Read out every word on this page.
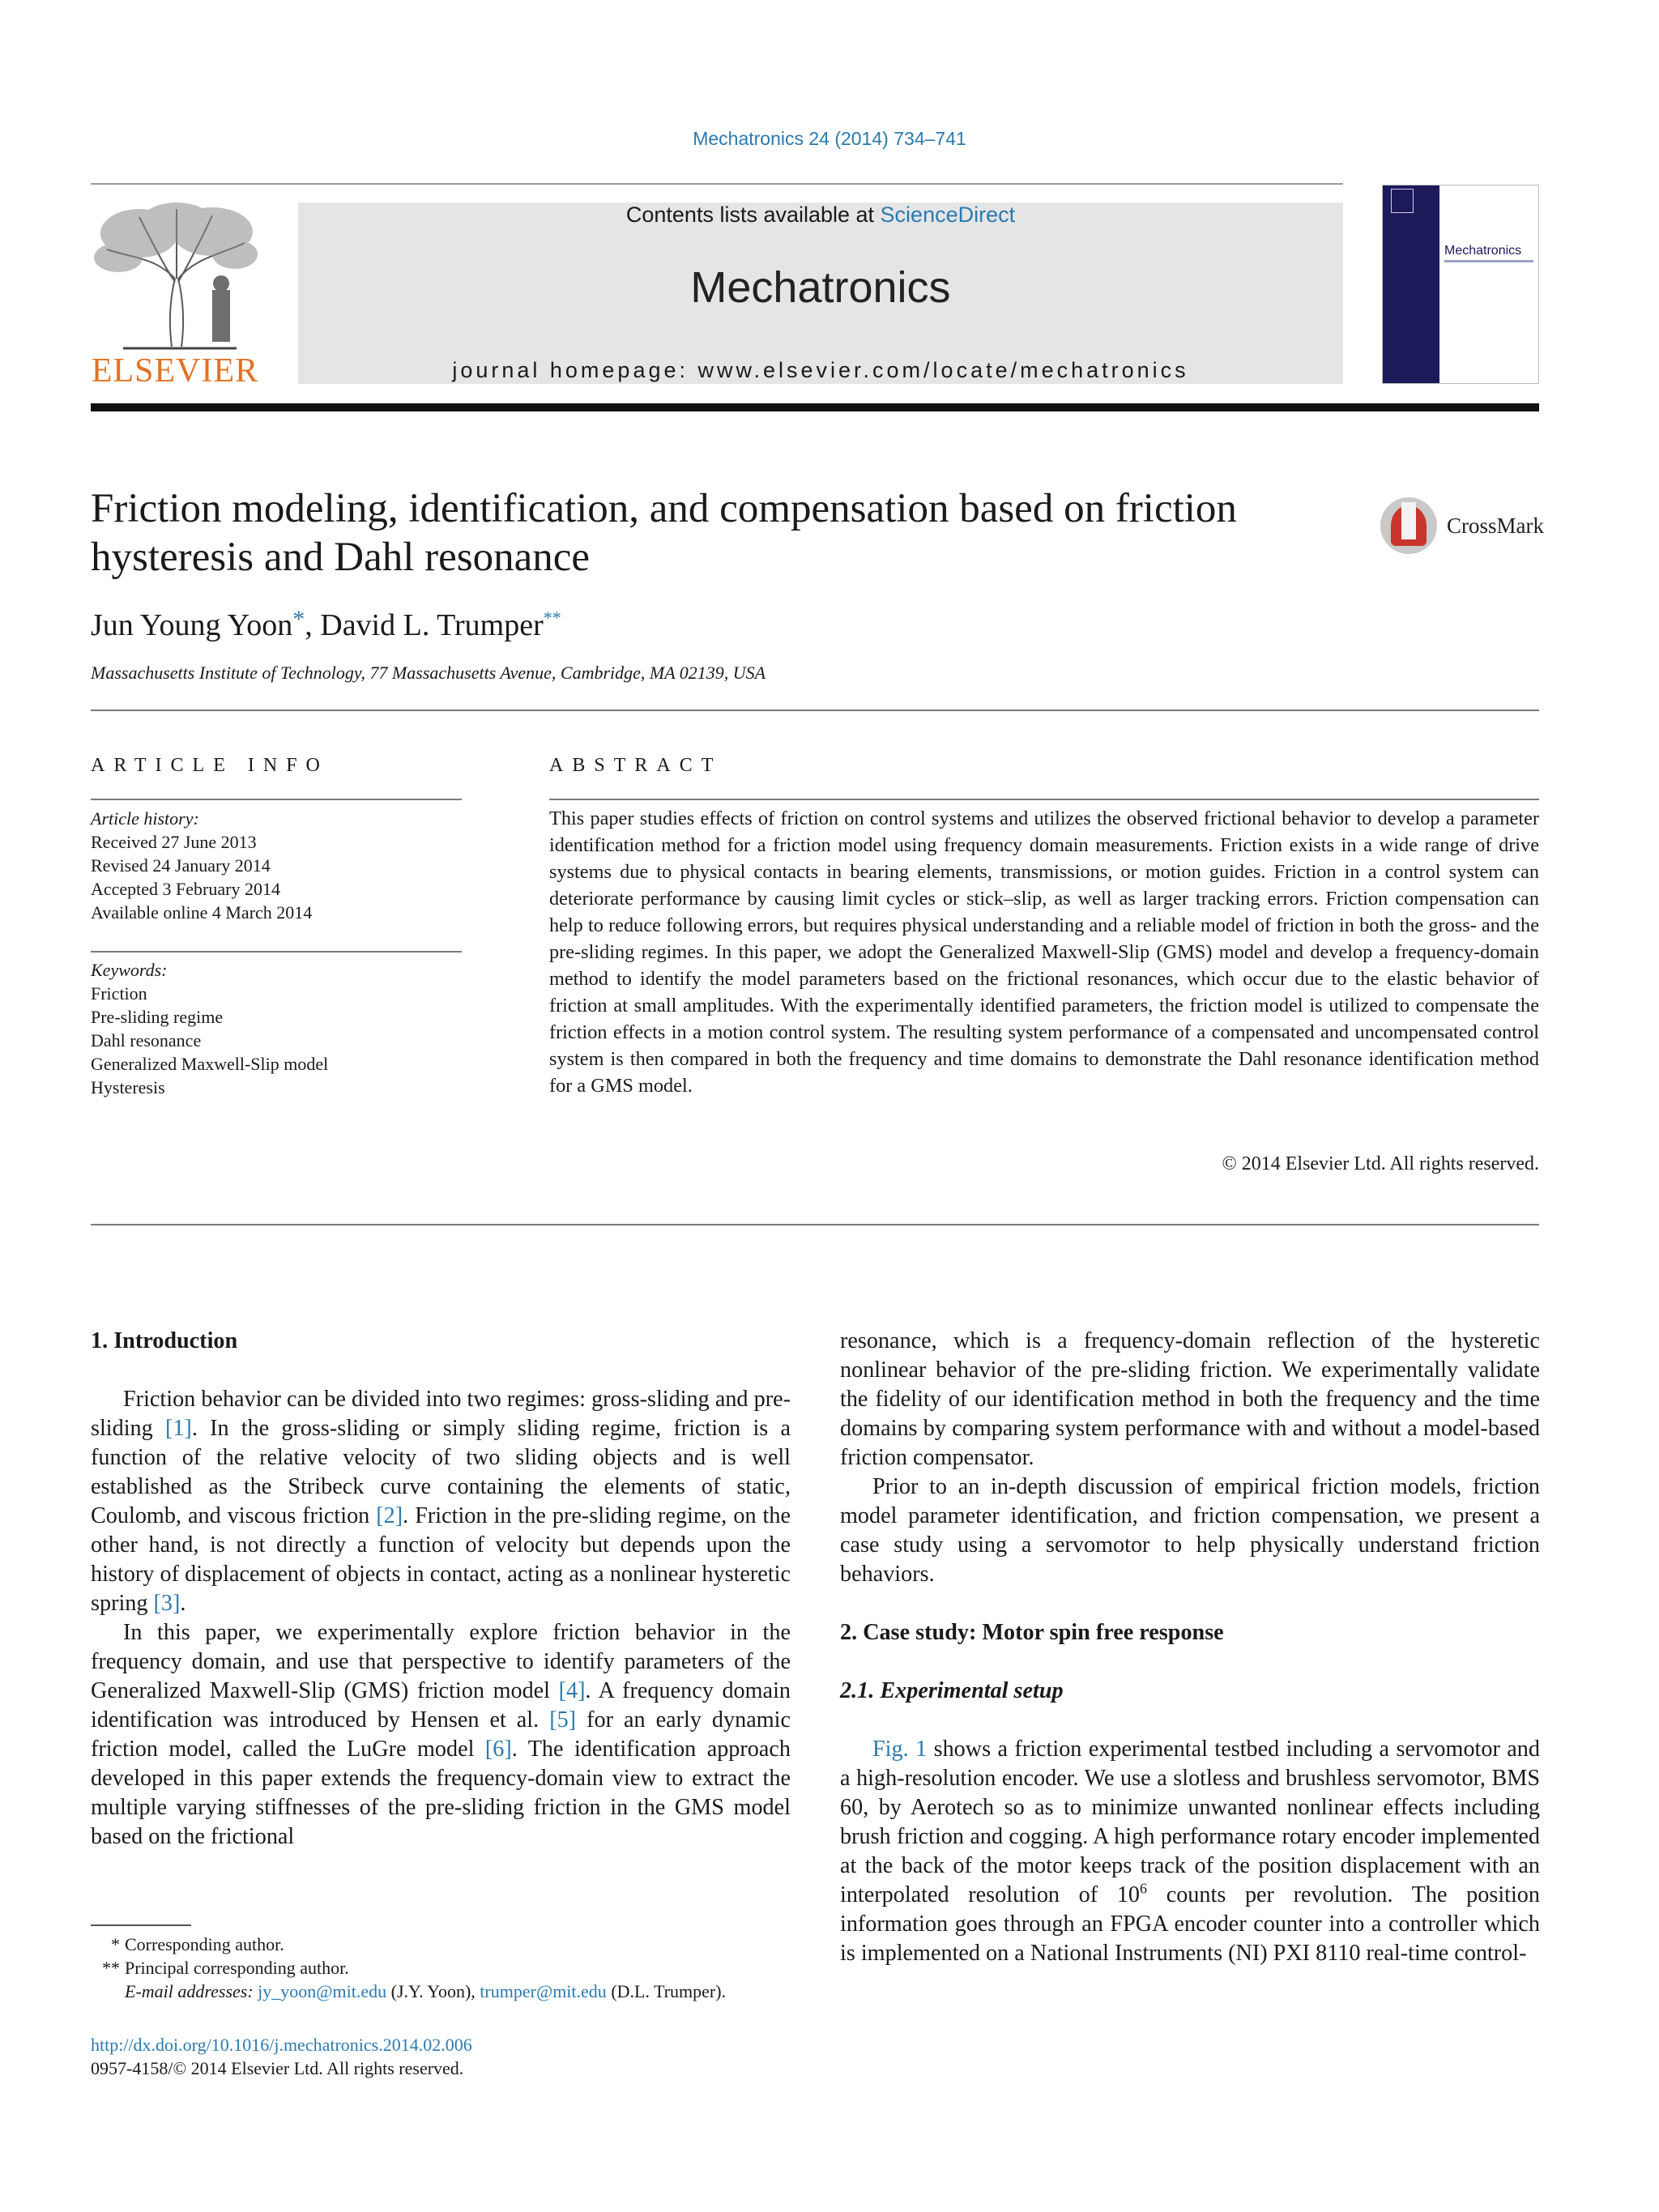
Mechatronics 24 (2014) 734–741
ELSEVIER
Contents lists available at ScienceDirect
Mechatronics
journal homepage: www.elsevier.com/locate/mechatronics
Mechatronics
Friction modeling, identification, and compensation based on friction
hysteresis and Dahl resonance
CrossMark
Jun Young Yoon*, David L. Trumper**
Massachusetts Institute of Technology, 77 Massachusetts Avenue, Cambridge, MA 02139, USA
ARTICLE INFO
Article history:
Received 27 June 2013
Revised 24 January 2014
Accepted 3 February 2014
Available online 4 March 2014
Keywords:
Friction
Pre-sliding regime
Dahl resonance
Generalized Maxwell-Slip model
Hysteresis
ABSTRACT
This paper studies effects of friction on control systems and utilizes the observed frictional behavior to develop a parameter identification method for a friction model using frequency domain measurements. Friction exists in a wide range of drive systems due to physical contacts in bearing elements, transmissions, or motion guides. Friction in a control system can deteriorate performance by causing limit cycles or stick–slip, as well as larger tracking errors. Friction compensation can help to reduce following errors, but requires physical understanding and a reliable model of friction in both the gross- and the pre-sliding regimes. In this paper, we adopt the Generalized Maxwell-Slip (GMS) model and develop a frequency-domain method to identify the model parameters based on the frictional resonances, which occur due to the elastic behavior of friction at small amplitudes. With the experimentally identified parameters, the friction model is utilized to compensate the friction effects in a motion control system. The resulting system performance of a compensated and uncompensated control system is then compared in both the frequency and time domains to demonstrate the Dahl resonance identification method for a GMS model.
© 2014 Elsevier Ltd. All rights reserved.
1. Introduction

Friction behavior can be divided into two regimes: gross-sliding and pre-sliding [1]. In the gross-sliding or simply sliding regime, friction is a function of the relative velocity of two sliding objects and is well established as the Stribeck curve containing the elements of static, Coulomb, and viscous friction [2]. Friction in the pre-sliding regime, on the other hand, is not directly a function of velocity but depends upon the history of displacement of objects in contact, acting as a nonlinear hysteretic spring [3].

In this paper, we experimentally explore friction behavior in the frequency domain, and use that perspective to identify parameters of the Generalized Maxwell-Slip (GMS) friction model [4]. A frequency domain identification was introduced by Hensen et al. [5] for an early dynamic friction model, called the LuGre model [6]. The identification approach developed in this paper extends the frequency-domain view to extract the multiple varying stiffnesses of the pre-sliding friction in the GMS model based on the frictional

resonance, which is a frequency-domain reflection of the hysteretic nonlinear behavior of the pre-sliding friction. We experimentally validate the fidelity of our identification method in both the frequency and the time domains by comparing system performance with and without a model-based friction compensator.

Prior to an in-depth discussion of empirical friction models, friction model parameter identification, and friction compensation, we present a case study using a servomotor to help physically understand friction behaviors.

2. Case study: Motor spin free response
2.1. Experimental setup

Fig. 1 shows a friction experimental testbed including a servomotor and a high-resolution encoder. We use a slotless and brushless servomotor, BMS 60, by Aerotech so as to minimize unwanted nonlinear effects including brush friction and cogging. A high performance rotary encoder implemented at the back of the motor keeps track of the position displacement with an interpolated resolution of $10^6$ counts per revolution. The position information goes through an FPGA encoder counter into a controller which is implemented on a National Instruments (NI) PXI 8110 real-time control-

* Corresponding author.
** Principal corresponding author.
E-mail addresses: jy_yoon@mit.edu (J.Y. Yoon), trumper@mit.edu (D.L. Trumper).
http://dx.doi.org/10.1016/j.mechatronics.2014.02.006
0957-4158/© 2014 Elsevier Ltd. All rights reserved.
